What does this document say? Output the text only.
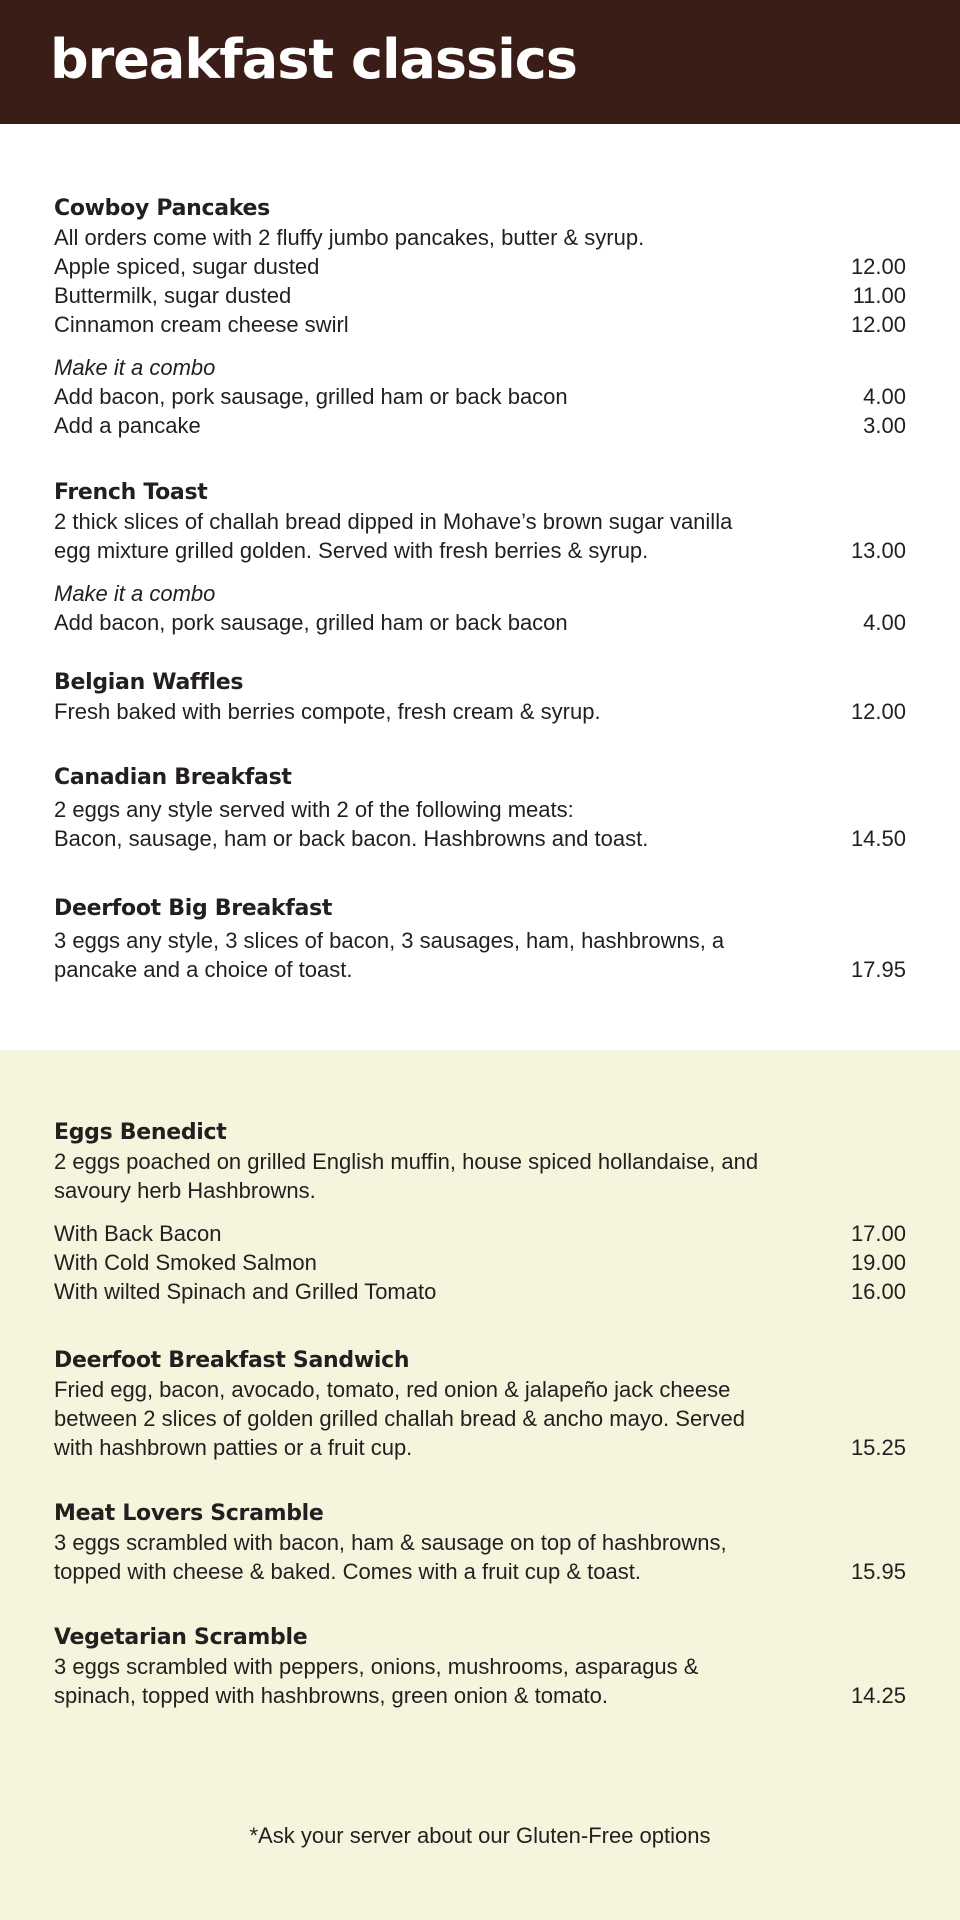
breakfast classics
Cowboy Pancakes
All orders come with 2 fluffy jumbo pancakes, butter & syrup.
Apple spiced, sugar dusted	12.00
Buttermilk, sugar dusted	11.00
Cinnamon cream cheese swirl	12.00
Make it a combo
Add bacon, pork sausage, grilled ham or back bacon	4.00
Add a pancake	3.00
French Toast
2 thick slices of challah bread dipped in Mohave’s brown sugar vanilla
egg mixture grilled golden. Served with fresh berries & syrup.	13.00
Make it a combo
Add bacon, pork sausage, grilled ham or back bacon	4.00
Belgian Waffles
Fresh baked with berries compote, fresh cream & syrup.	12.00
Canadian Breakfast
2 eggs any style served with 2 of the following meats:
Bacon, sausage, ham or back bacon. Hashbrowns and toast.	14.50
Deerfoot Big Breakfast
3 eggs any style, 3 slices of bacon, 3 sausages, ham, hashbrowns, a
pancake and a choice of toast.	17.95
Eggs Benedict
2 eggs poached on grilled English muffin, house spiced hollandaise, and
savoury herb Hashbrowns.
With Back Bacon	17.00
With Cold Smoked Salmon	19.00
With wilted Spinach and Grilled Tomato	16.00
Deerfoot Breakfast Sandwich
Fried egg, bacon, avocado, tomato, red onion & jalapeño jack cheese
between 2 slices of golden grilled challah bread & ancho mayo. Served
with hashbrown patties or a fruit cup.	15.25
Meat Lovers Scramble
3 eggs scrambled with bacon, ham & sausage on top of hashbrowns,
topped with cheese & baked. Comes with a fruit cup & toast.	15.95
Vegetarian Scramble
3 eggs scrambled with peppers, onions, mushrooms, asparagus &
spinach, topped with hashbrowns, green onion & tomato.	14.25
*Ask your server about our Gluten-Free options
